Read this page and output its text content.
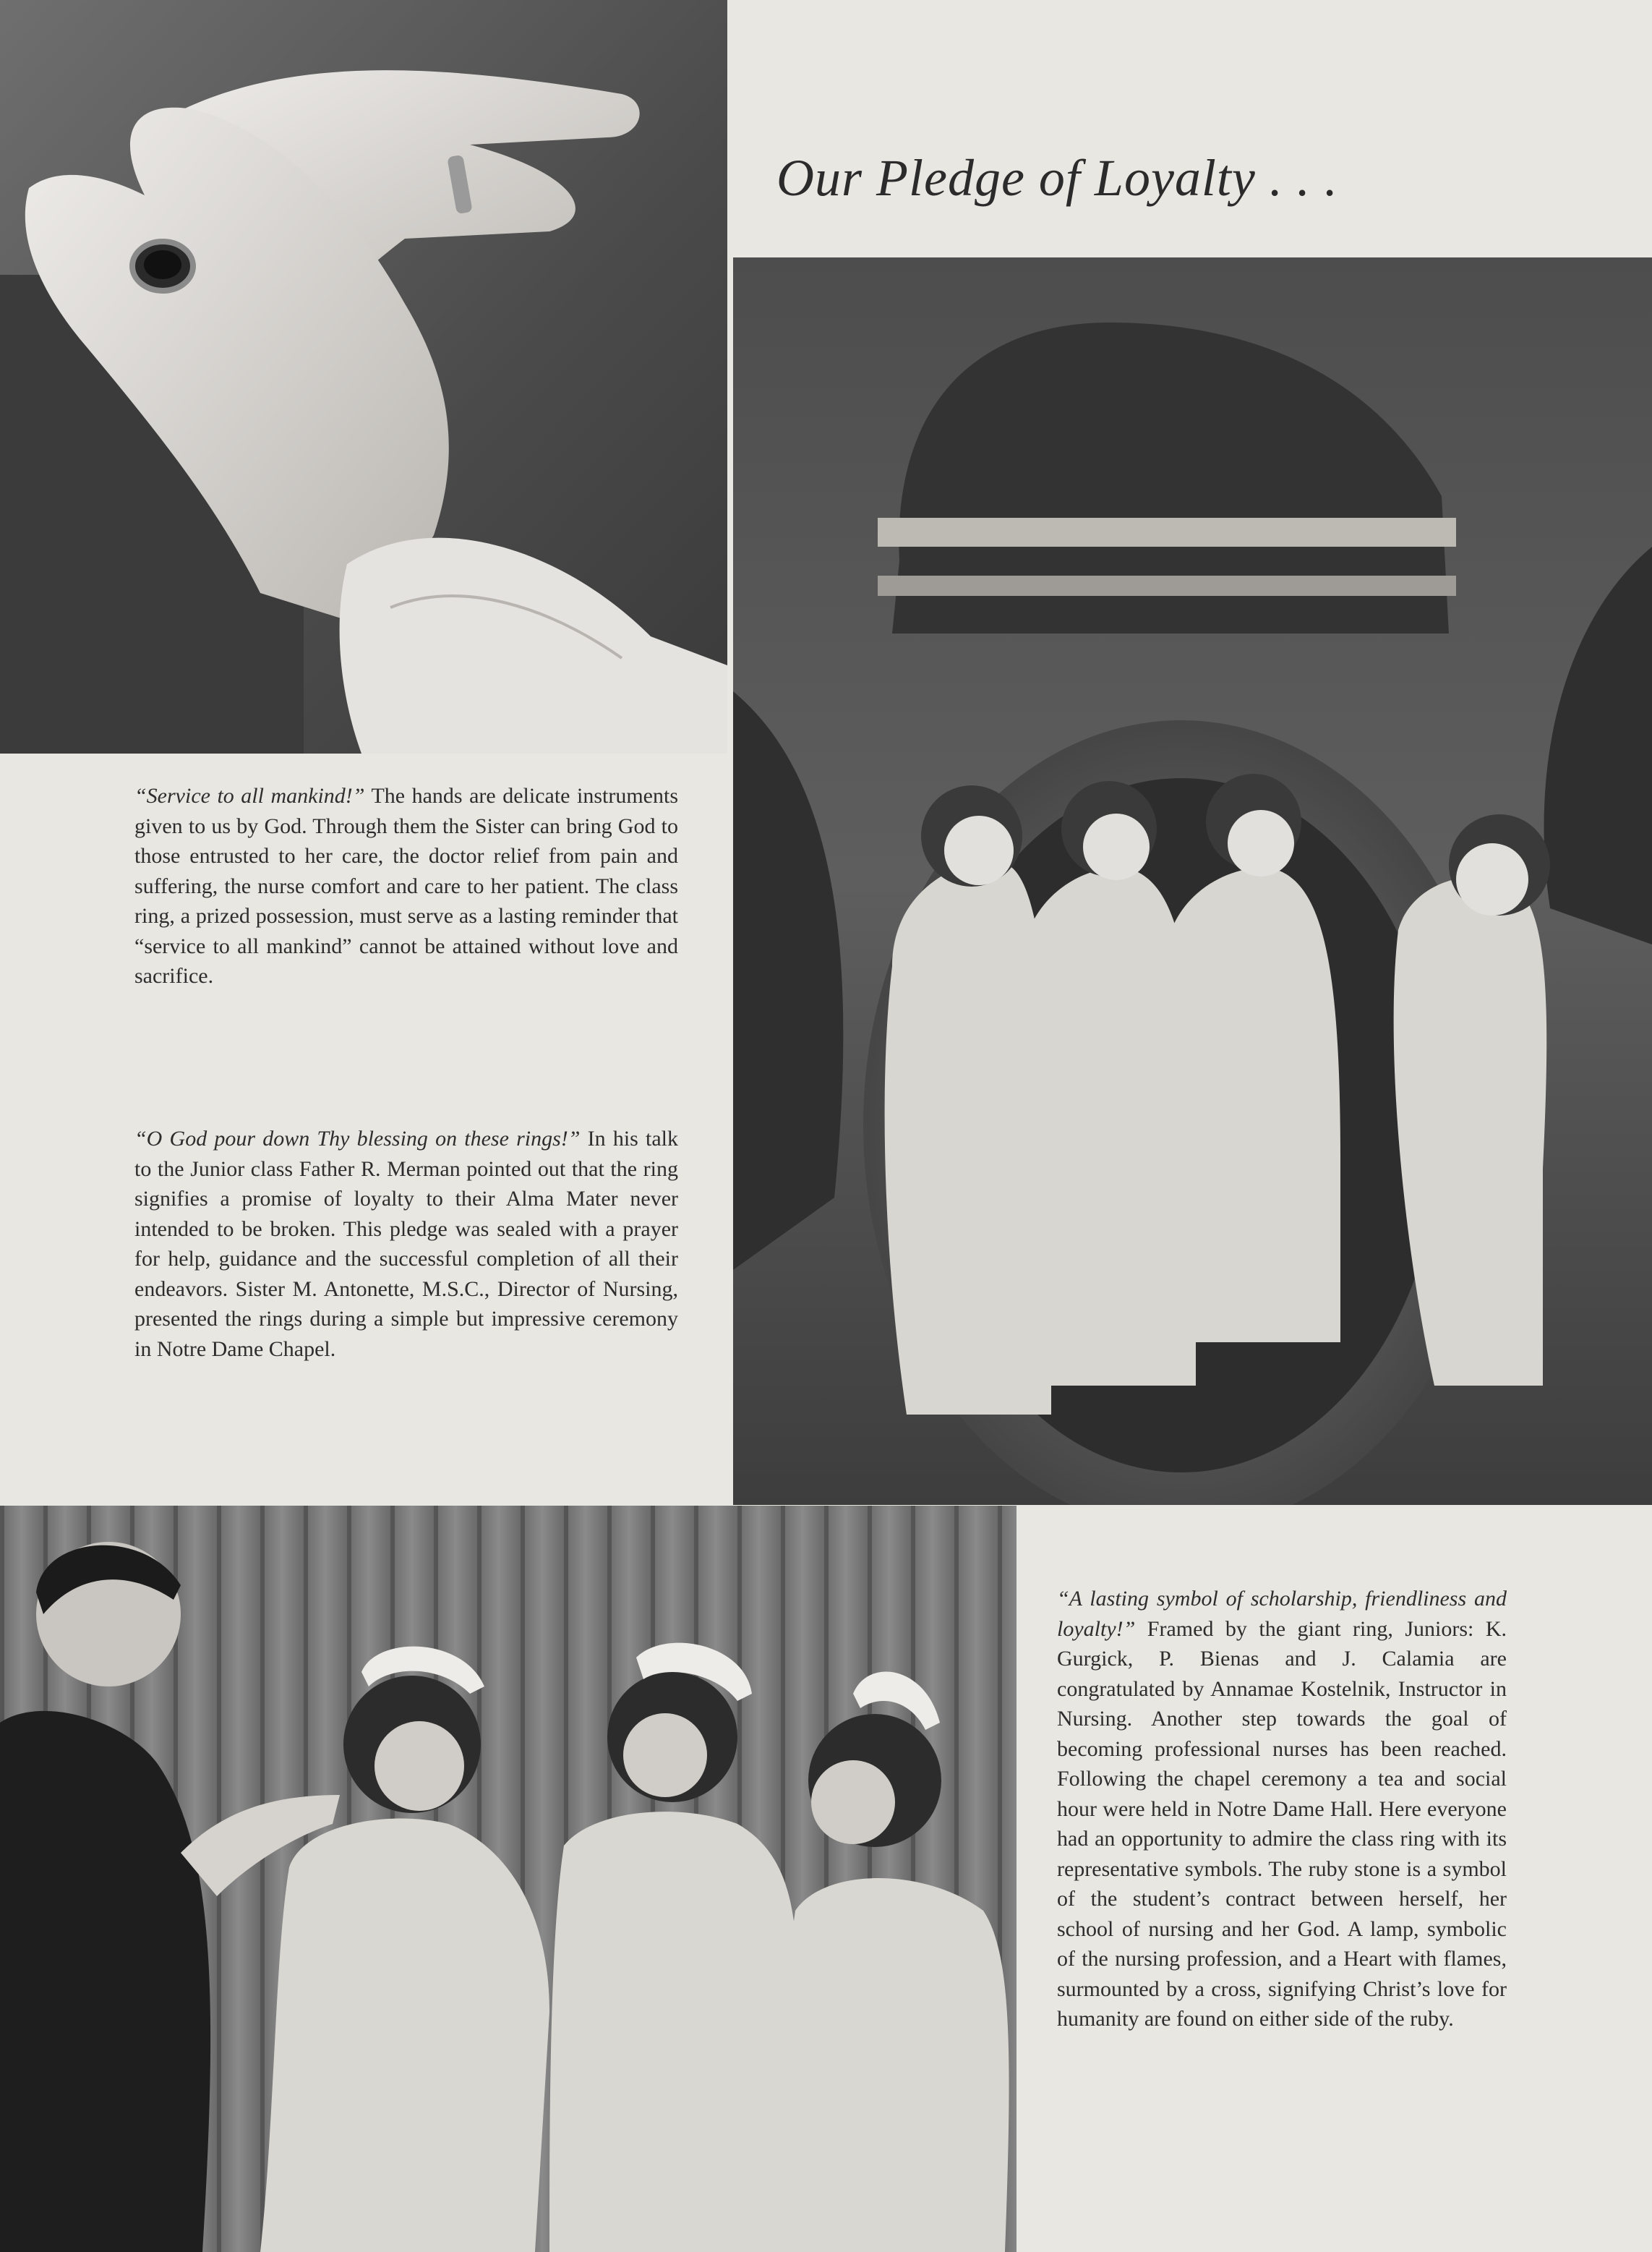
Our Pledge of Loyalty . . .
“Service to all mankind!” The hands are delicate instruments given to us by God. Through them the Sister can bring God to those entrusted to her care, the doctor relief from pain and suffering, the nurse comfort and care to her patient. The class ring, a prized possession, must serve as a lasting reminder that “service to all mankind” cannot be attained without love and sacrifice.
“O God pour down Thy blessing on these rings!” In his talk to the Junior class Father R. Merman pointed out that the ring signifies a promise of loyalty to their Alma Mater never intended to be broken. This pledge was sealed with a prayer for help, guidance and the successful completion of all their endeavors. Sister M. Antonette, M.S.C., Director of Nursing, presented the rings during a simple but impressive ceremony in Notre Dame Chapel.
“A lasting symbol of scholarship, friendliness and loyalty!” Framed by the giant ring, Juniors: K. Gurgick, P. Bienas and J. Calamia are congratulated by Annamae Kostelnik, Instructor in Nursing. Another step towards the goal of becoming professional nurses has been reached. Following the chapel ceremony a tea and social hour were held in Notre Dame Hall. Here everyone had an opportunity to admire the class ring with its representative symbols. The ruby stone is a symbol of the student’s contract between herself, her school of nursing and her God. A lamp, symbolic of the nursing profession, and a Heart with flames, surmounted by a cross, signifying Christ’s love for humanity are found on either side of the ruby.
